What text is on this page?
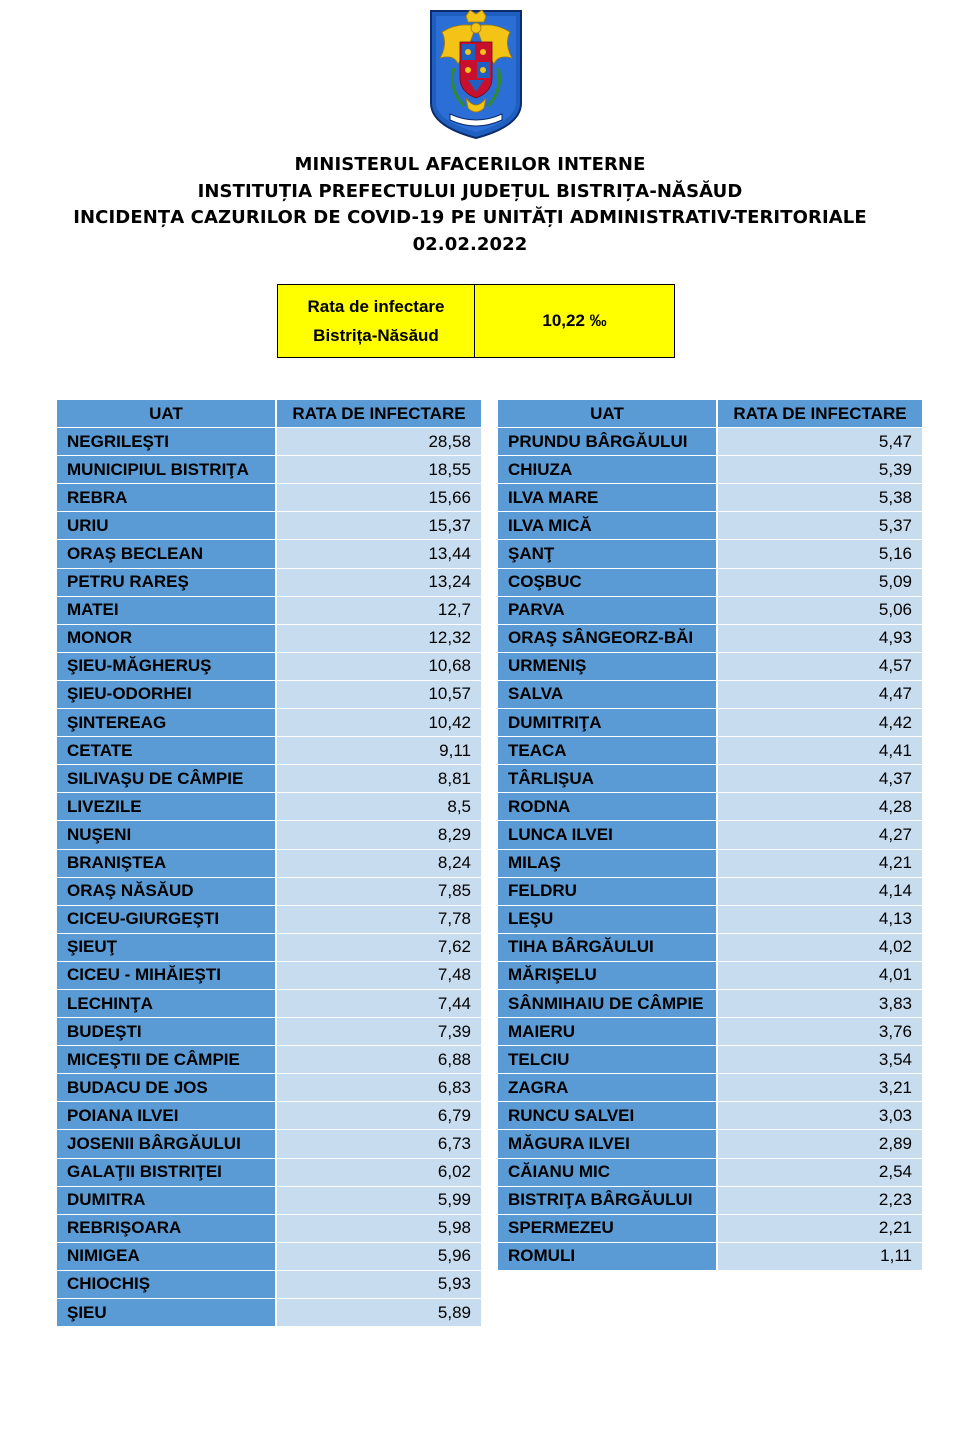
MINISTERUL AFACERILOR INTERNE
INSTITUȚIA PREFECTULUI JUDEȚUL BISTRIȚA-NĂSĂUD
INCIDENȚA CAZURILOR DE COVID-19 PE UNITĂȚI ADMINISTRATIV-TERITORIALE
02.02.2022
Rata de infectare
Bistrița-Năsăud
10,22 ‰
UAT	RATA DE INFECTARE
NEGRILEŞTI	28,58
MUNICIPIUL BISTRIŢA	18,55
REBRA	15,66
URIU	15,37
ORAŞ BECLEAN	13,44
PETRU RAREŞ	13,24
MATEI	12,7
MONOR	12,32
ŞIEU-MĂGHERUŞ	10,68
ŞIEU-ODORHEI	10,57
ŞINTEREAG	10,42
CETATE	9,11
SILIVAŞU DE CÂMPIE	8,81
LIVEZILE	8,5
NUŞENI	8,29
BRANIŞTEA	8,24
ORAŞ NĂSĂUD	7,85
CICEU-GIURGEŞTI	7,78
ŞIEUŢ	7,62
CICEU - MIHĂIEŞTI	7,48
LECHINŢA	7,44
BUDEŞTI	7,39
MICEŞTII DE CÂMPIE	6,88
BUDACU DE JOS	6,83
POIANA ILVEI	6,79
JOSENII BÂRGĂULUI	6,73
GALAŢII BISTRIŢEI	6,02
DUMITRA	5,99
REBRIŞOARA	5,98
NIMIGEA	5,96
CHIOCHIŞ	5,93
ŞIEU	5,89
UAT	RATA DE INFECTARE
PRUNDU BÂRGĂULUI	5,47
CHIUZA	5,39
ILVA MARE	5,38
ILVA MICĂ	5,37
ŞANŢ	5,16
COŞBUC	5,09
PARVA	5,06
ORAŞ SÂNGEORZ-BĂI	4,93
URMENIŞ	4,57
SALVA	4,47
DUMITRIŢA	4,42
TEACA	4,41
TÂRLIŞUA	4,37
RODNA	4,28
LUNCA ILVEI	4,27
MILAŞ	4,21
FELDRU	4,14
LEŞU	4,13
TIHA BÂRGĂULUI	4,02
MĂRIŞELU	4,01
SÂNMIHAIU DE CÂMPIE	3,83
MAIERU	3,76
TELCIU	3,54
ZAGRA	3,21
RUNCU SALVEI	3,03
MĂGURA ILVEI	2,89
CĂIANU MIC	2,54
BISTRIŢA BÂRGĂULUI	2,23
SPERMEZEU	2,21
ROMULI	1,11
